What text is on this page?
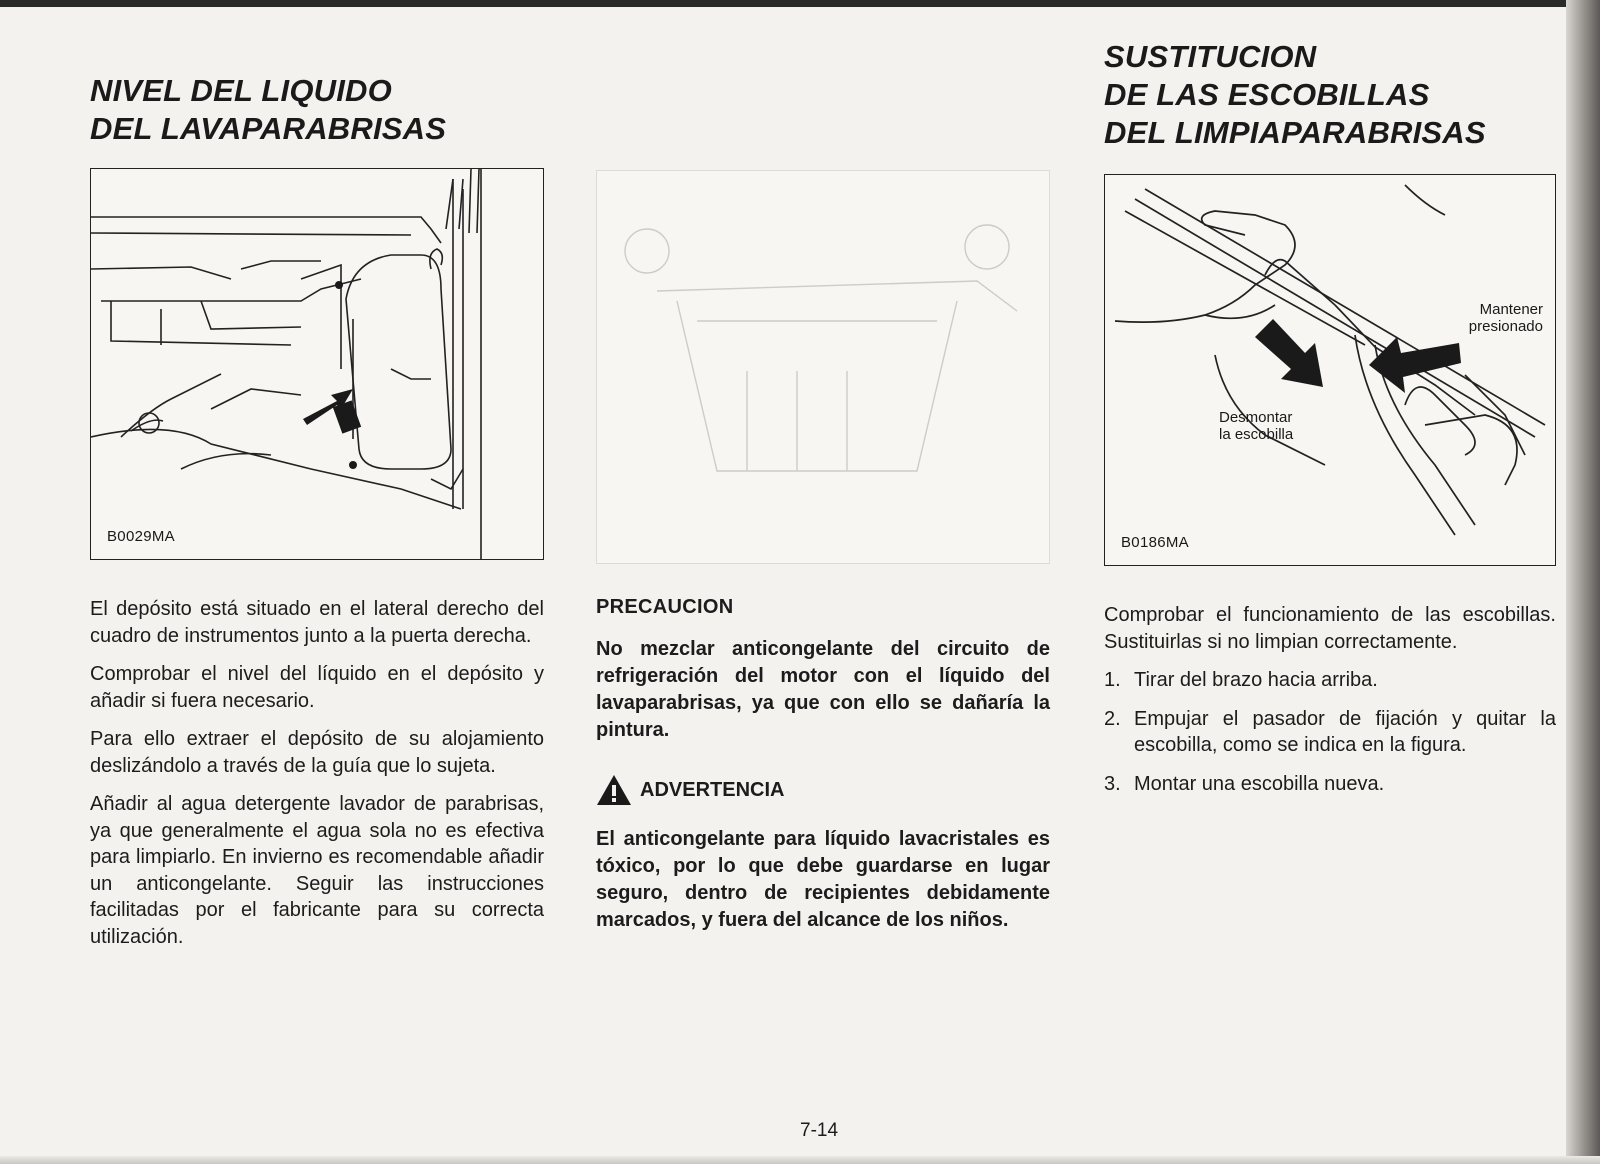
NIVEL DEL LIQUIDO
DEL LAVAPARABRISAS
B0029MA

El depósito está situado en el lateral derecho del cuadro de instrumentos junto a la puerta derecha.

Comprobar el nivel del líquido en el depósito y añadir si fuera necesario.

Para ello extraer el depósito de su alojamiento deslizándolo a través de la guía que lo sujeta.

Añadir al agua detergente lavador de parabrisas, ya que generalmente el agua sola no es efectiva para limpiarlo. En invierno es recomendable añadir un anticongelante. Seguir las instrucciones facilitadas por el fabricante para su correcta utilización.

PRECAUCION
No mezclar anticongelante del circuito de refrigeración del motor con el líquido del lavaparabrisas, ya que con ello se dañaría la pintura.
ADVERTENCIA
El anticongelante para líquido lavacristales es tóxico, por lo que debe guardarse en lugar seguro, dentro de recipientes debidamente marcados, y fuera del alcance de los niños.
SUSTITUCION
DE LAS ESCOBILLAS
DEL LIMPIAPARABRISAS
Mantener
presionado
Desmontar
la escobilla
B0186MA

Comprobar el funcionamiento de las escobillas. Sustituirlas si no limpian correctamente.

1. Tirar del brazo hacia arriba.
2. Empujar el pasador de fijación y quitar la escobilla, como se indica en la figura.
3. Montar una escobilla nueva.
7-14
